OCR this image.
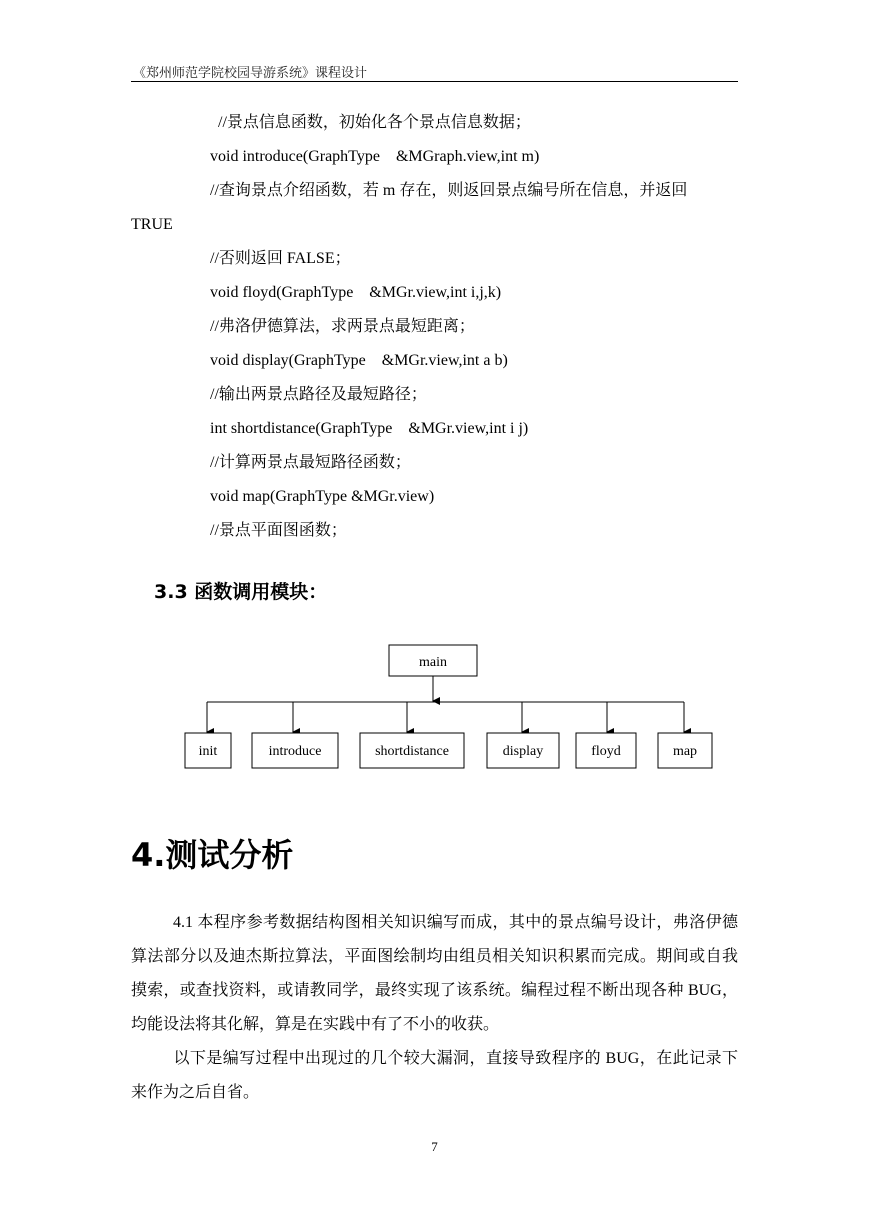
《郑州师范学院校园导游系统》课程设计
//景点信息函数，初始化各个景点信息数据；
void introduce(GraphType    &MGraph.view,int m)
//查询景点介绍函数，若 m 存在，则返回景点编号所在信息，并返回
TRUE
//否则返回 FALSE；
void floyd(GraphType    &MGr.view,int i,j,k)
//弗洛伊德算法，求两景点最短距离；
void display(GraphType    &MGr.view,int a b)
//输出两景点路径及最短路径；
int shortdistance(GraphType    &MGr.view,int i j)
//计算两景点最短路径函数；
void map(GraphType &MGr.view)
//景点平面图函数；
3.3 函数调用模块：
main
init	introduce	shortdistance	display	floyd	map
4.测试分析
4.1 本程序参考数据结构图相关知识编写而成，其中的景点编号设计，弗洛伊德算法部分以及迪杰斯拉算法，平面图绘制均由组员相关知识积累而完成。期间或自我摸索，或查找资料，或请教同学，最终实现了该系统。编程过程不断出现各种 BUG，均能设法将其化解，算是在实践中有了不小的收获。
以下是编写过程中出现过的几个较大漏洞，直接导致程序的 BUG，在此记录下来作为之后自省。
7
